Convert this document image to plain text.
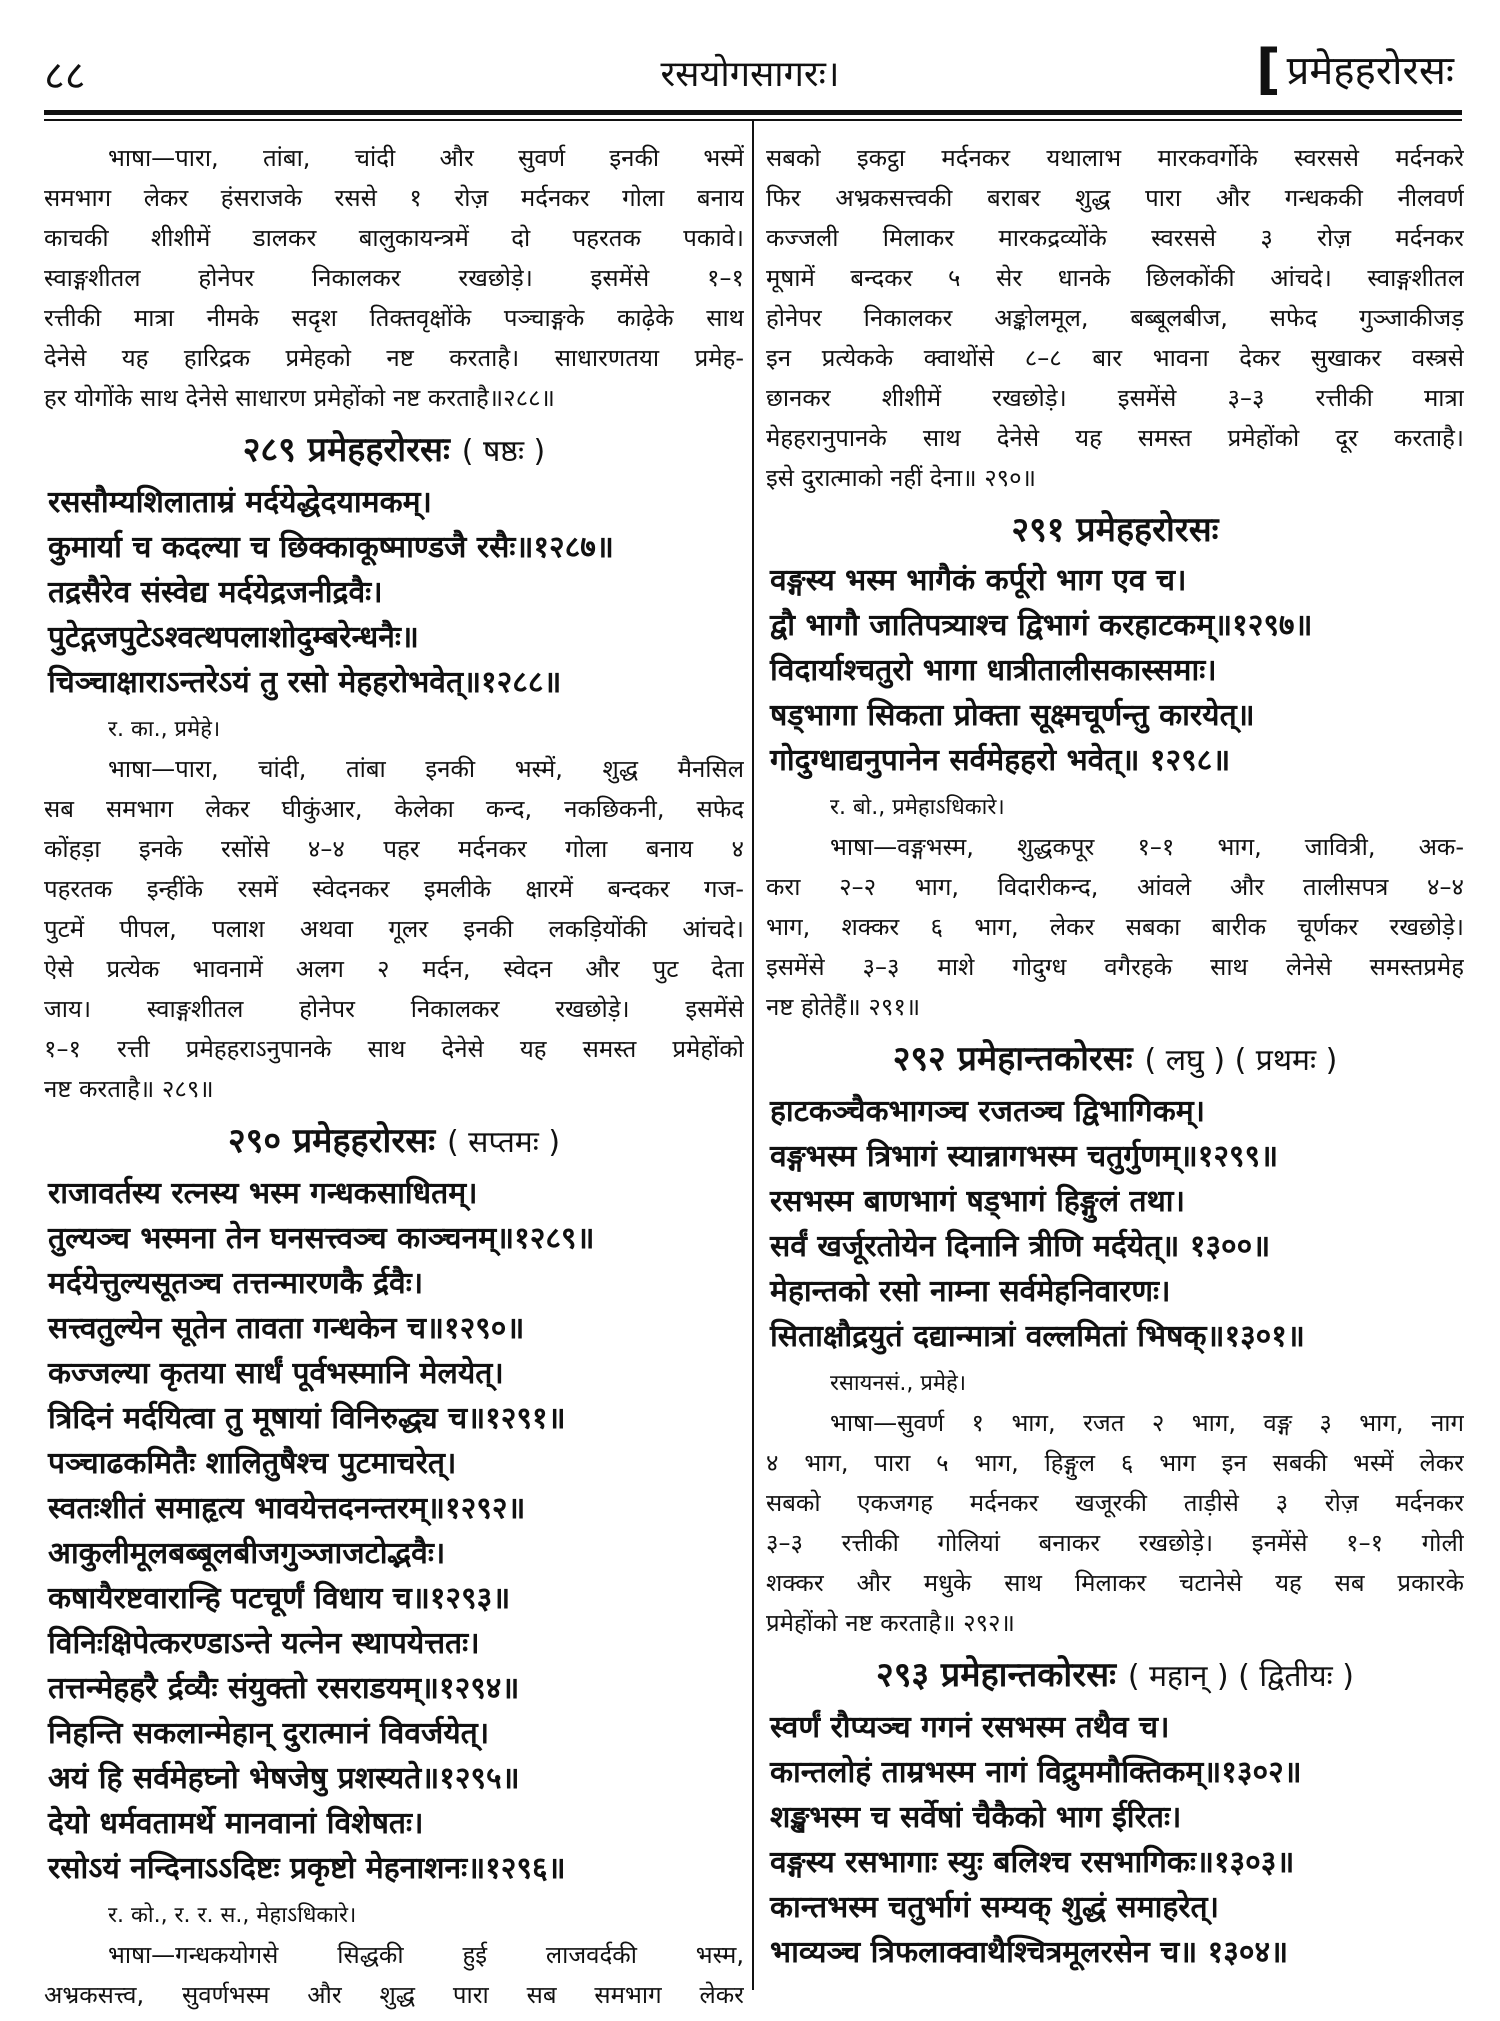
८८	रसयोगसागरः।	[ प्रमेहहरोरसः
भाषा—पारा, तांबा, चांदी और सुवर्ण इनकी भस्में
समभाग लेकर हंसराजके रससे १ रोज़ मर्दनकर गोला बनाय
काचकी शीशीमें डालकर बालुकायन्त्रमें दो पहरतक पकावे।
स्वाङ्गशीतल होनेपर निकालकर रखछोड़े। इसमेंसे १–१
रत्तीकी मात्रा नीमके सदृश तिक्तवृक्षोंके पञ्चाङ्गके काढ़ेके साथ
देनेसे यह हारिद्रक प्रमेहको नष्ट करताहै। साधारणतया प्रमेह-
हर योगोंके साथ देनेसे साधारण प्रमेहोंको नष्ट करताहै॥२८८॥
२८९ प्रमेहहरोरसः ( षष्ठः )
रससौम्यशिलाताम्रं मर्दयेद्धेदयामकम्।
कुमार्या च कदल्या च छिक्काकूष्माण्डजै रसैः॥१२८७॥
तद्रसैरेव संस्वेद्य मर्दयेद्रजनीद्रवैः।
पुटेद्गजपुटेऽश्वत्थपलाशोदुम्बरेन्धनैः॥
चिञ्चाक्षाराऽन्तरेऽयं तु रसो मेहहरोभवेत्॥१२८८॥
र. का., प्रमेहे।
भाषा—पारा, चांदी, तांबा इनकी भस्में, शुद्ध मैनसिल
सब समभाग लेकर घीकुंआर, केलेका कन्द, नकछिकनी, सफेद
कोंहड़ा इनके रसोंसे ४–४ पहर मर्दनकर गोला बनाय ४
पहरतक इन्हींके रसमें स्वेदनकर इमलीके क्षारमें बन्दकर गज-
पुटमें पीपल, पलाश अथवा गूलर इनकी लकड़ियोंकी आंचदे।
ऐसे प्रत्येक भावनामें अलग २ मर्दन, स्वेदन और पुट देता
जाय। स्वाङ्गशीतल होनेपर निकालकर रखछोड़े। इसमेंसे
१–१ रत्ती प्रमेहहराऽनुपानके साथ देनेसे यह समस्त प्रमेहोंको
नष्ट करताहै॥ २८९॥
२९० प्रमेहहरोरसः ( सप्तमः )
राजावर्तस्य रत्नस्य भस्म गन्धकसाधितम्।
तुल्यञ्च भस्मना तेन घनसत्त्वञ्च काञ्चनम्॥१२८९॥
मर्दयेत्तुल्यसूतञ्च तत्तन्मारणकै र्द्रवैः।
सत्त्वतुल्येन सूतेन तावता गन्धकेन च॥१२९०॥
कज्जल्या कृतया सार्धं पूर्वभस्मानि मेलयेत्।
त्रिदिनं मर्दयित्वा तु मूषायां विनिरुद्ध्य च॥१२९१॥
पञ्चाढकमितैः शालितुषैश्च पुटमाचरेत्।
स्वतःशीतं समाहृत्य भावयेत्तदनन्तरम्॥१२९२॥
आकुलीमूलबब्बूलबीजगुञ्जाजटोद्भवैः।
कषायैरष्टवारान्हि पटचूर्णं विधाय च॥१२९३॥
विनिःक्षिपेत्करण्डाऽन्ते यत्नेन स्थापयेत्ततः।
तत्तन्मेहहरै र्द्रव्यैः संयुक्तो रसराडयम्॥१२९४॥
निहन्ति सकलान्मेहान् दुरात्मानं विवर्जयेत्।
अयं हि सर्वमेहघ्नो भेषजेषु प्रशस्यते॥१२९५॥
देयो धर्मवतामर्थे मानवानां विशेषतः।
रसोऽयं नन्दिनाऽऽदिष्टः प्रकृष्टो मेहनाशनः॥१२९६॥
र. को., र. र. स., मेहाऽधिकारे।
भाषा—गन्धकयोगसे सिद्धकी हुई लाजवर्दकी भस्म,
अभ्रकसत्त्व, सुवर्णभस्म और शुद्ध पारा सब समभाग लेकर
सबको इकट्ठा मर्दनकर यथालाभ मारकवर्गोके स्वरससे मर्दनकरे
फिर अभ्रकसत्त्वकी बराबर शुद्ध पारा और गन्धककी नीलवर्ण
कज्जली मिलाकर मारकद्रव्योंके स्वरससे ३ रोज़ मर्दनकर
मूषामें बन्दकर ५ सेर धानके छिलकोंकी आंचदे। स्वाङ्गशीतल
होनेपर निकालकर अङ्कोलमूल, बब्बूलबीज, सफेद गुञ्जाकीजड़
इन प्रत्येकके क्वाथोंसे ८–८ बार भावना देकर सुखाकर वस्त्रसे
छानकर शीशीमें रखछोड़े। इसमेंसे ३–३ रत्तीकी मात्रा
मेहहरानुपानके साथ देनेसे यह समस्त प्रमेहोंको दूर करताहै।
इसे दुरात्माको नहीं देना॥ २९०॥
२९१ प्रमेहहरोरसः
वङ्गस्य भस्म भागैकं कर्पूरो भाग एव च।
द्वौ भागौ जातिपत्र्याश्च द्विभागं करहाटकम्॥१२९७॥
विदार्याश्चतुरो भागा धात्रीतालीसकास्समाः।
षड्भागा सिकता प्रोक्ता सूक्ष्मचूर्णन्तु कारयेत्॥
गोदुग्धाद्यनुपानेन सर्वमेहहरो भवेत्॥ १२९८॥
र. बो., प्रमेहाऽधिकारे।
भाषा—वङ्गभस्म, शुद्धकपूर १–१ भाग, जावित्री, अक-
करा २–२ भाग, विदारीकन्द, आंवले और तालीसपत्र ४–४
भाग, शक्कर ६ भाग, लेकर सबका बारीक चूर्णकर रखछोड़े।
इसमेंसे ३–३ माशे गोदुग्ध वगैरहके साथ लेनेसे समस्तप्रमेह
नष्ट होतेहैं॥ २९१॥
२९२ प्रमेहान्तकोरसः ( लघु ) ( प्रथमः )
हाटकञ्चैकभागञ्च रजतञ्च द्विभागिकम्।
वङ्गभस्म त्रिभागं स्यान्नागभस्म चतुर्गुणम्॥१२९९॥
रसभस्म बाणभागं षड्भागं हिङ्गुलं तथा।
सर्वं खर्जूरतोयेन दिनानि त्रीणि मर्दयेत्॥ १३००॥
मेहान्तको रसो नाम्ना सर्वमेहनिवारणः।
सिताक्षौद्रयुतं दद्यान्मात्रां वल्लमितां भिषक्॥१३०१॥
रसायनसं., प्रमेहे।
भाषा—सुवर्ण १ भाग, रजत २ भाग, वङ्ग ३ भाग, नाग
४ भाग, पारा ५ भाग, हिङ्गुल ६ भाग इन सबकी भस्में लेकर
सबको एकजगह मर्दनकर खजूरकी ताड़ीसे ३ रोज़ मर्दनकर
३–३ रत्तीकी गोलियां बनाकर रखछोड़े। इनमेंसे १–१ गोली
शक्कर और मधुके साथ मिलाकर चटानेसे यह सब प्रकारके
प्रमेहोंको नष्ट करताहै॥ २९२॥
२९३ प्रमेहान्तकोरसः ( महान् ) ( द्वितीयः )
स्वर्णं रौप्यञ्च गगनं रसभस्म तथैव च।
कान्तलोहं ताम्रभस्म नागं विद्रुममौक्तिकम्॥१३०२॥
शङ्खभस्म च सर्वेषां चैकैको भाग ईरितः।
वङ्गस्य रसभागाः स्युः बलिश्च रसभागिकः॥१३०३॥
कान्तभस्म चतुर्भागं सम्यक् शुद्धं समाहरेत्।
भाव्यञ्च त्रिफलाक्वाथैश्चित्रमूलरसेन च॥ १३०४॥
